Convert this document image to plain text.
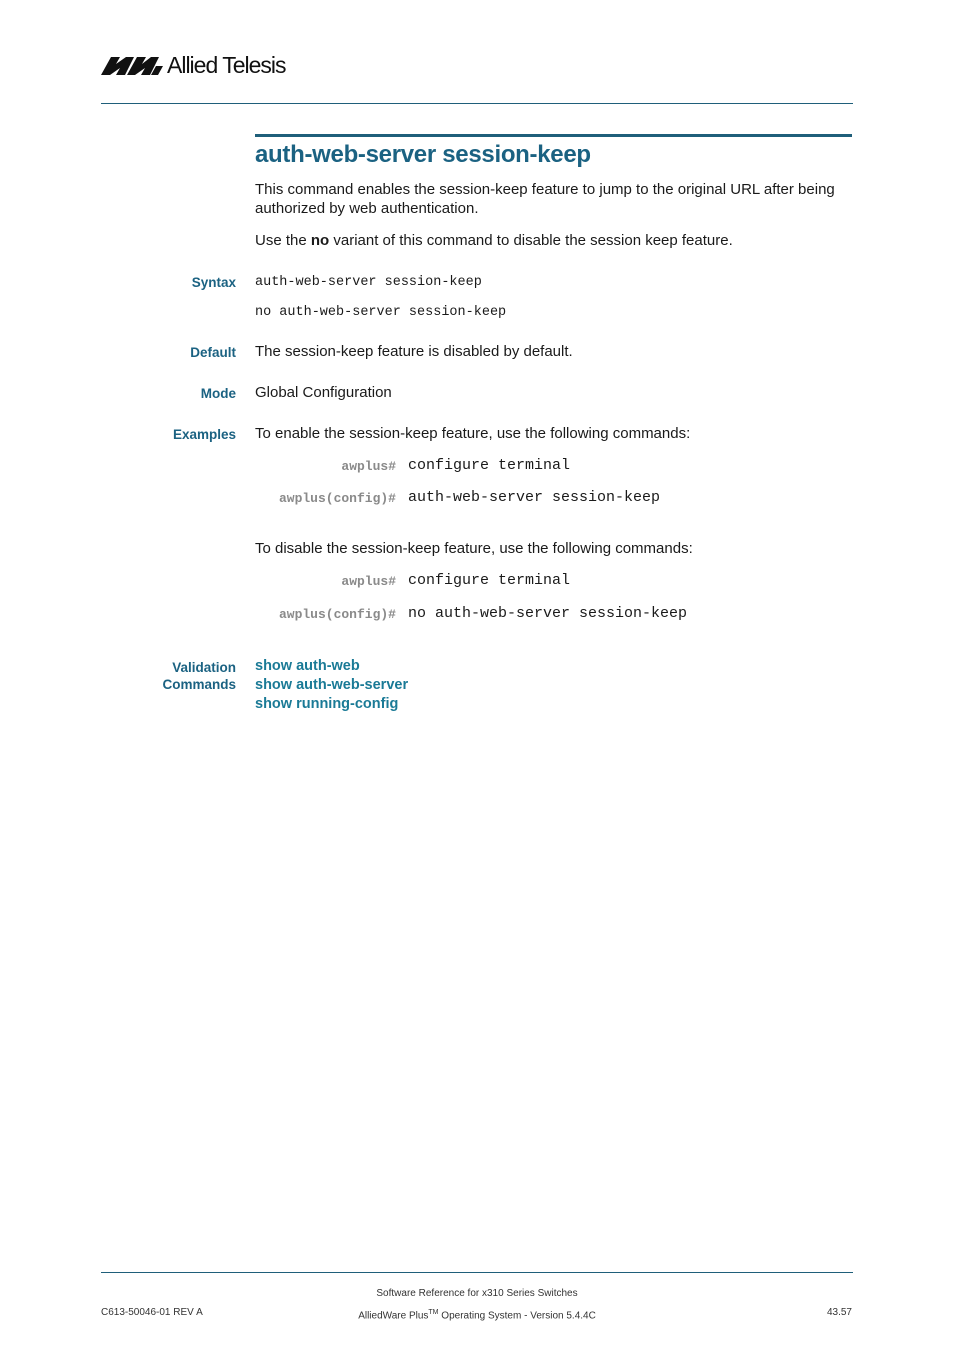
Allied Telesis
auth-web-server session-keep

This command enables the session-keep feature to jump to the original URL after being authorized by web authentication.

Use the no variant of this command to disable the session keep feature.

Syntax auth-web-server session-keep
no auth-web-server session-keep
Default The session-keep feature is disabled by default.

Mode Global Configuration

Examples To enable the session-keep feature, use the following commands:

awplus# configure terminal
awplus(config)# auth-web-server session-keep

To disable the session-keep feature, use the following commands:

awplus# configure terminal
awplus(config)# no auth-web-server session-keep
Validation
Commands
show auth-web
show auth-web-server
show running-config
C613-50046-01 REV A
Software Reference for x310 Series Switches
AlliedWare Plus™ Operating System - Version 5.4.4C	43.57
